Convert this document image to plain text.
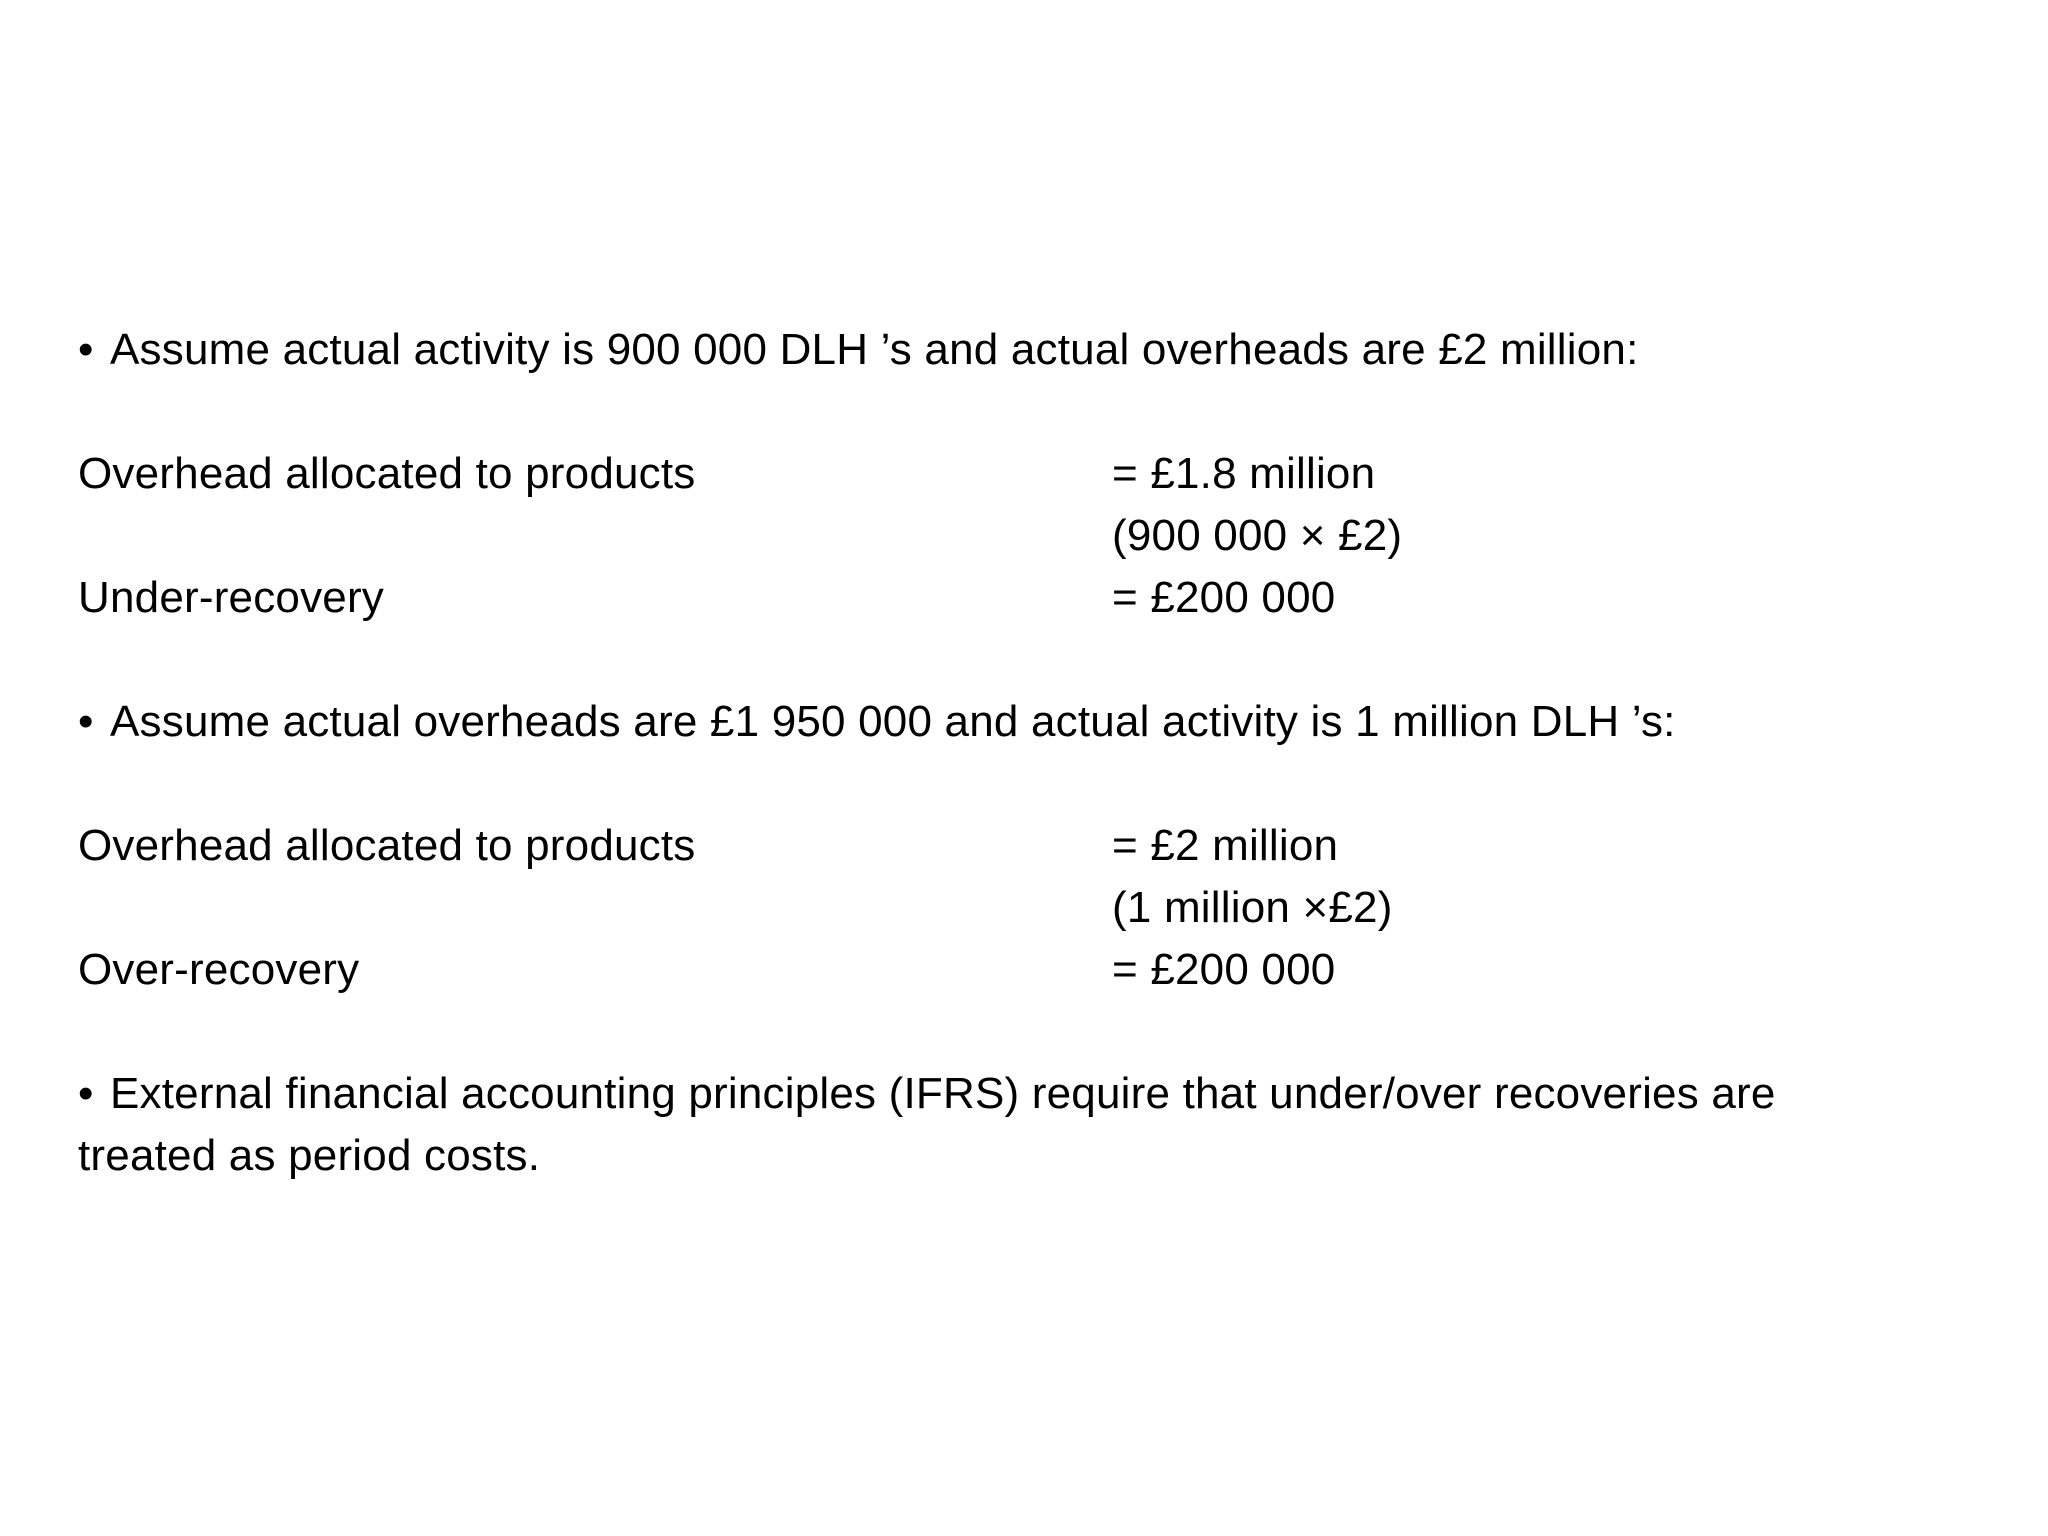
• Assume actual activity is 900 000 DLH ’s and actual overheads are £2 million:
Overhead allocated to products	= £1.8 million
(900 000 × £2)
Under-recovery	= £200 000
• Assume actual overheads are £1 950 000 and actual activity is 1 million DLH ’s:
Overhead allocated to products	= £2 million
(1 million ×£2)
Over-recovery	= £200 000
• External financial accounting principles (IFRS) require that under/over recoveries are
treated as period costs.
